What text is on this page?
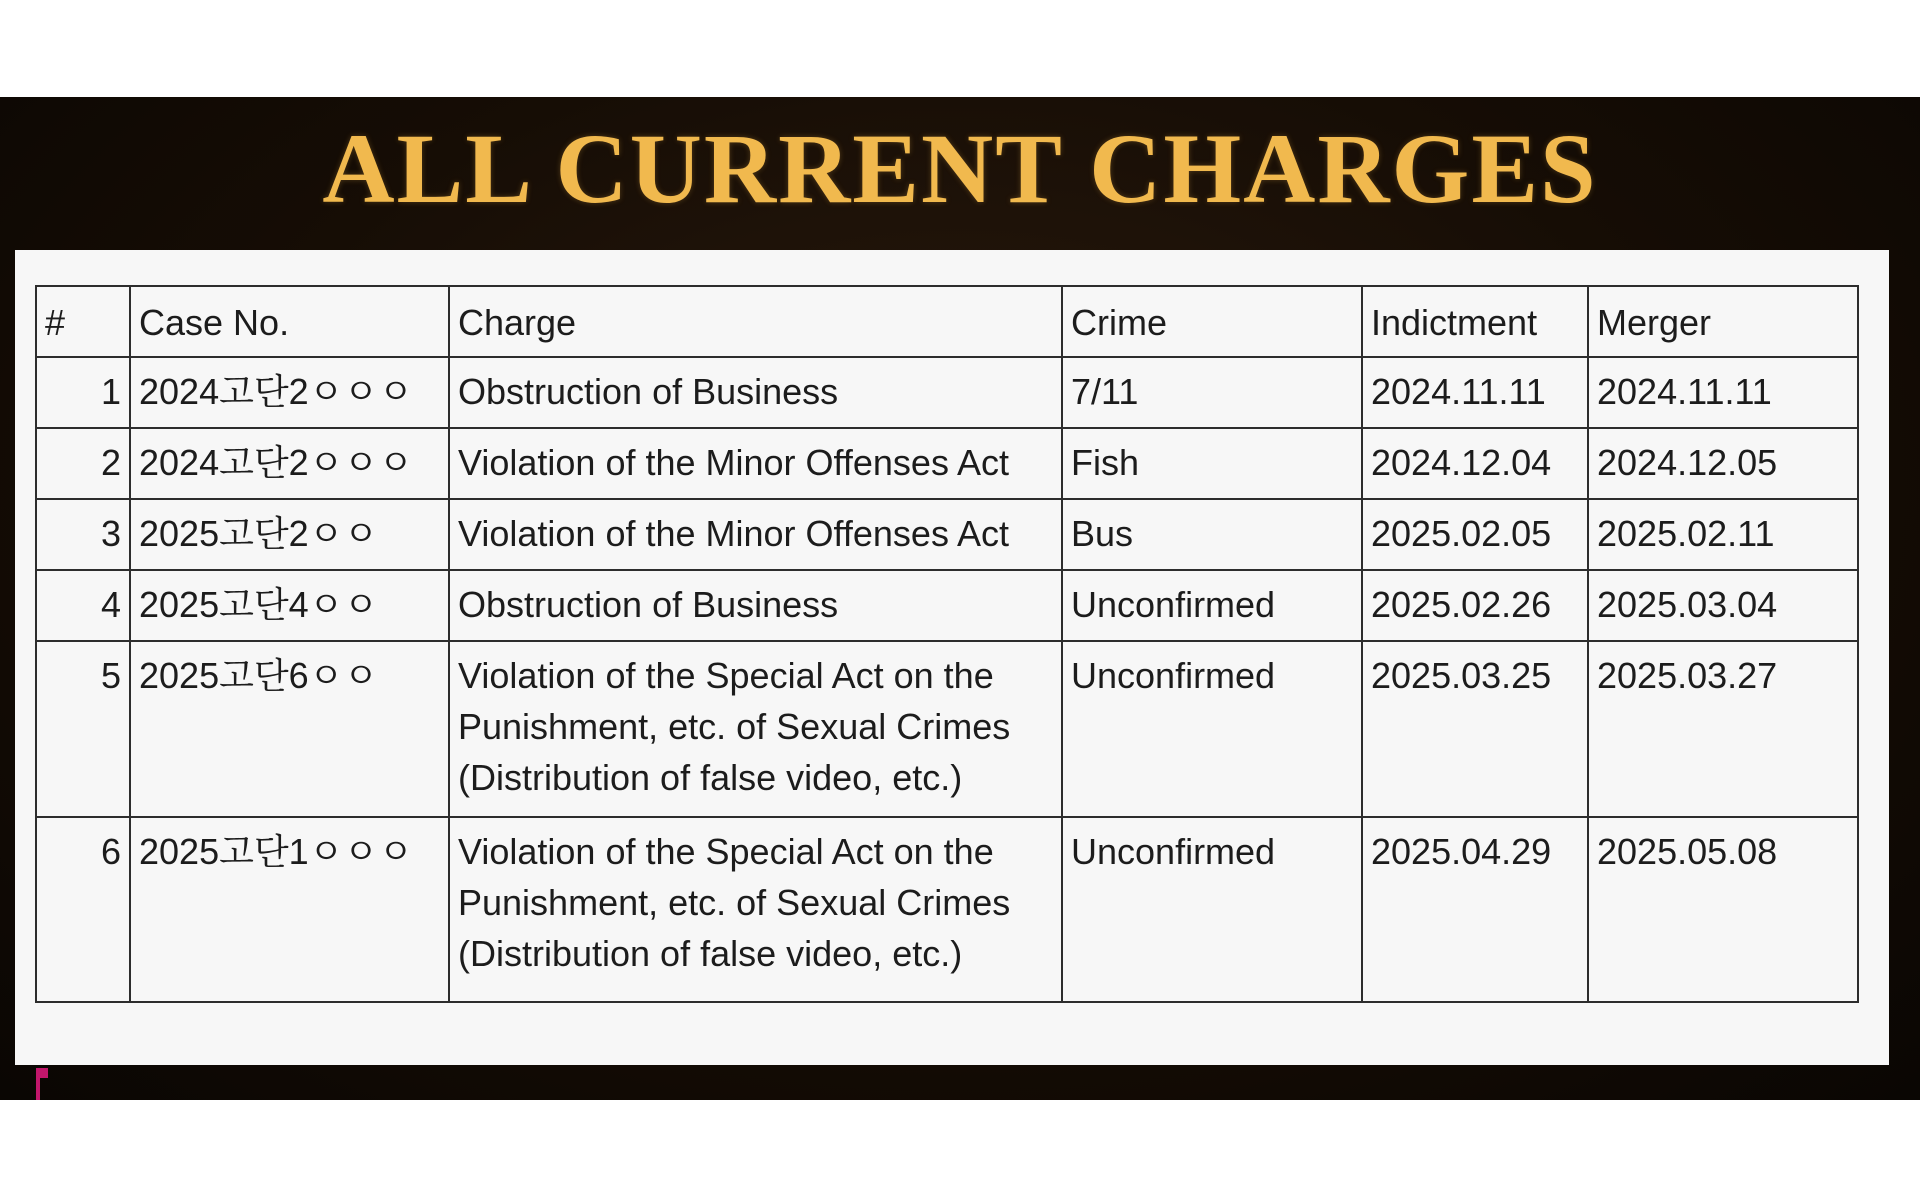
ALL CURRENT CHARGES
#	Case No.	Charge	Crime	Indictment	Merger
1	2024고단2ㅇㅇㅇ	Obstruction of Business	7/11	2024.11.11	2024.11.11
2	2024고단2ㅇㅇㅇ	Violation of the Minor Offenses Act	Fish	2024.12.04	2024.12.05
3	2025고단2ㅇㅇ	Violation of the Minor Offenses Act	Bus	2025.02.05	2025.02.11
4	2025고단4ㅇㅇ	Obstruction of Business	Unconfirmed	2025.02.26	2025.03.04
5	2025고단6ㅇㅇ	Violation of the Special Act on the Punishment, etc. of Sexual Crimes (Distribution of false video, etc.)	Unconfirmed	2025.03.25	2025.03.27
6	2025고단1ㅇㅇㅇ	Violation of the Special Act on the Punishment, etc. of Sexual Crimes (Distribution of false video, etc.)	Unconfirmed	2025.04.29	2025.05.08
